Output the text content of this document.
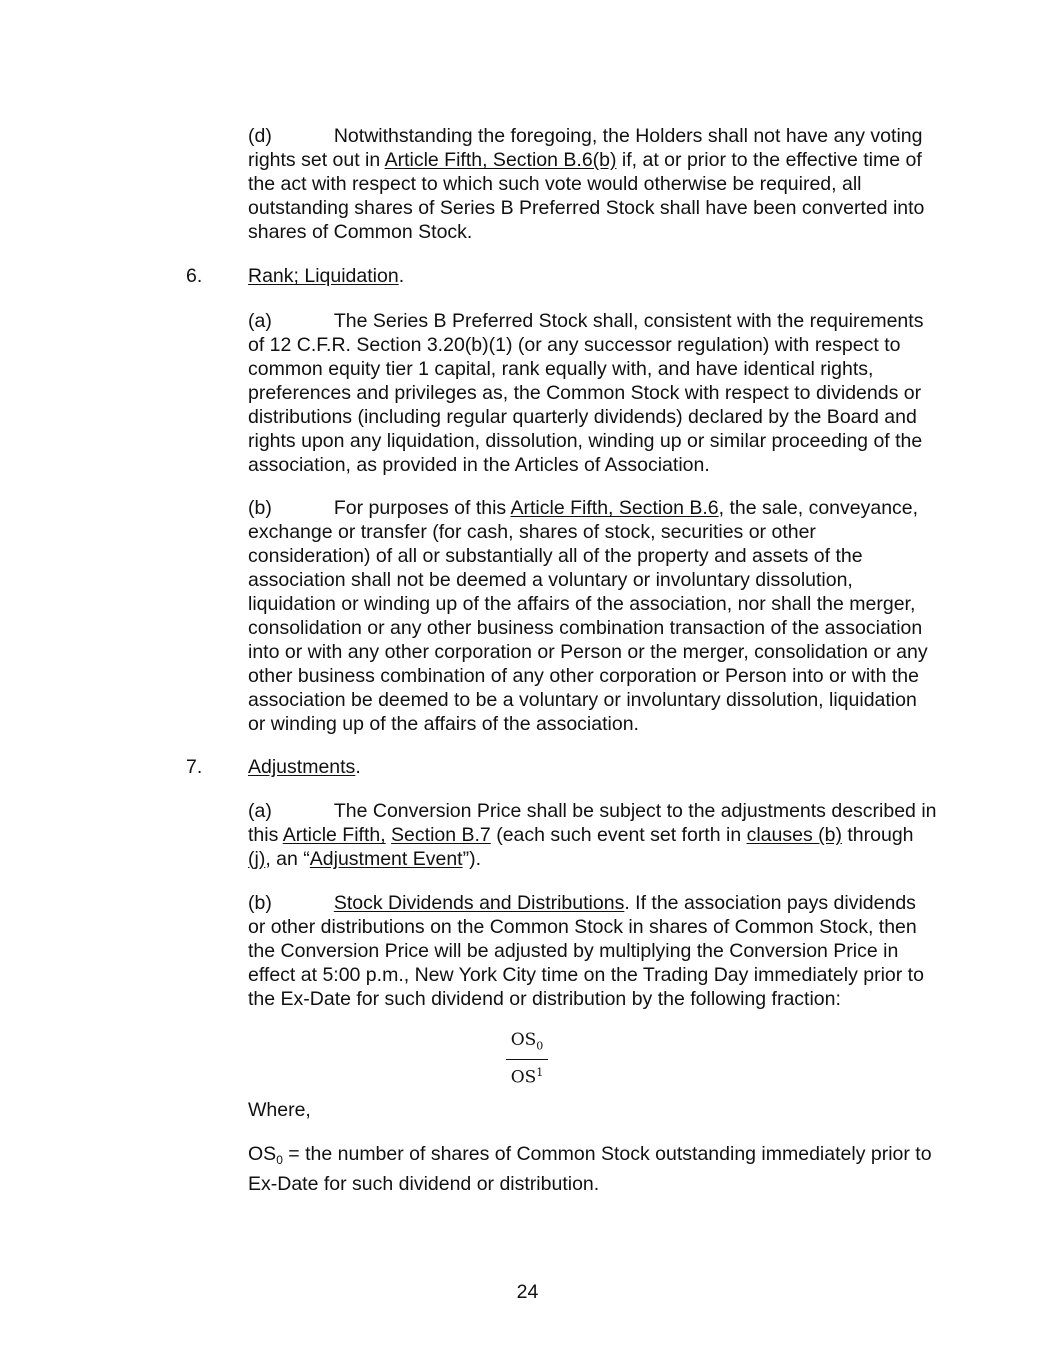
(d)	Notwithstanding the foregoing, the Holders shall not have any voting rights set out in Article Fifth, Section B.6(b) if, at or prior to the effective time of the act with respect to which such vote would otherwise be required, all outstanding shares of Series B Preferred Stock shall have been converted into shares of Common Stock.

6. Rank; Liquidation.

(a)	The Series B Preferred Stock shall, consistent with the requirements of 12 C.F.R. Section 3.20(b)(1) (or any successor regulation) with respect to common equity tier 1 capital, rank equally with, and have identical rights, preferences and privileges as, the Common Stock with respect to dividends or distributions (including regular quarterly dividends) declared by the Board and rights upon any liquidation, dissolution, winding up or similar proceeding of the association, as provided in the Articles of Association.

(b)	For purposes of this Article Fifth, Section B.6, the sale, conveyance, exchange or transfer (for cash, shares of stock, securities or other consideration) of all or substantially all of the property and assets of the association shall not be deemed a voluntary or involuntary dissolution, liquidation or winding up of the affairs of the association, nor shall the merger, consolidation or any other business combination transaction of the association into or with any other corporation or Person or the merger, consolidation or any other business combination of any other corporation or Person into or with the association be deemed to be a voluntary or involuntary dissolution, liquidation or winding up of the affairs of the association.

7. Adjustments.

(a)	The Conversion Price shall be subject to the adjustments described in this Article Fifth, Section B.7 (each such event set forth in clauses (b) through (j), an “Adjustment Event”).

(b)	Stock Dividends and Distributions. If the association pays dividends or other distributions on the Common Stock in shares of Common Stock, then the Conversion Price will be adjusted by multiplying the Conversion Price in effect at 5:00 p.m., New York City time on the Trading Day immediately prior to the Ex-Date for such dividend or distribution by the following fraction:

$\frac{OS_0}{OS^1}$

Where,

$OS_0$ = the number of shares of Common Stock outstanding immediately prior to Ex-Date for such dividend or distribution.

24
